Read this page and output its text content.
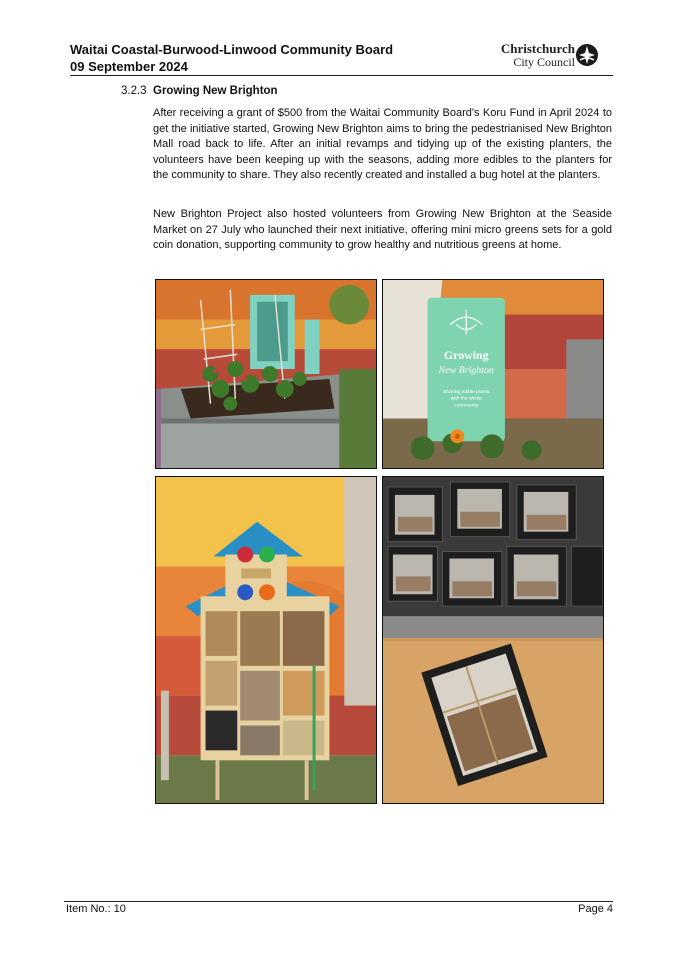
Waitai Coastal-Burwood-Linwood Community Board
09 September 2024
Christchurch
City Council
3.2.3 Growing New Brighton

After receiving a grant of $500 from the Waitai Community Board's Koru Fund in April 2024 to get the initiative started, Growing New Brighton aims to bring the pedestrianised New Brighton Mall road back to life. After an initial revamps and tidying up of the existing planters, the volunteers have been keeping up with the seasons, adding more edibles to the planters for the community to share. They also recently created and installed a bug hotel at the planters.

New Brighton Project also hosted volunteers from Growing New Brighton at the Seaside Market on 27 July who launched their next initiative, offering mini micro greens sets for a gold coin donation, supporting community to grow healthy and nutritious greens at home.

Growing
New Brighton
Sharing edible plants
with the whole
community
Item No.: 10	Page 4
